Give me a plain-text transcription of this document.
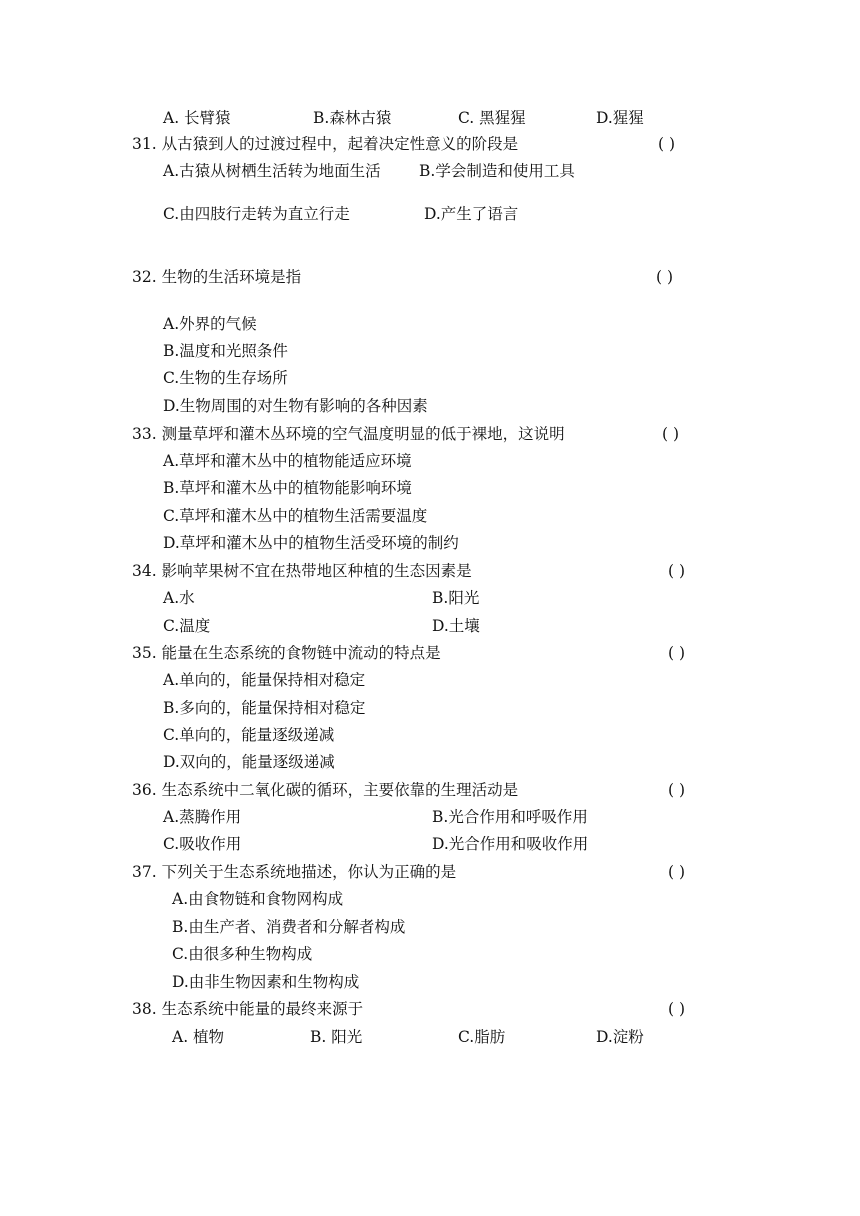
A. 长臂猿	B.森林古猿	C. 黑猩猩	D.猩猩
31. 从古猿到人的过渡过程中，起着决定性意义的阶段是	( )
A.古猿从树栖生活转为地面生活 B.学会制造和使用工具
C.由四肢行走转为直立行走	D.产生了语言
32. 生物的生活环境是指	( )
A.外界的气候
B.温度和光照条件
C.生物的生存场所
D.生物周围的对生物有影响的各种因素
33. 测量草坪和灌木丛环境的空气温度明显的低于裸地，这说明	( )
A.草坪和灌木丛中的植物能适应环境
B.草坪和灌木丛中的植物能影响环境
C.草坪和灌木丛中的植物生活需要温度
D.草坪和灌木丛中的植物生活受环境的制约
34. 影响苹果树不宜在热带地区种植的生态因素是	( )
A.水	B.阳光
C.温度	D.土壤
35. 能量在生态系统的食物链中流动的特点是	( )
A.单向的，能量保持相对稳定
B.多向的，能量保持相对稳定
C.单向的，能量逐级递减
D.双向的，能量逐级递减
36. 生态系统中二氧化碳的循环，主要依靠的生理活动是	( )
A.蒸腾作用	B.光合作用和呼吸作用
C.吸收作用	D.光合作用和吸收作用
37. 下列关于生态系统地描述，你认为正确的是	( )
A.由食物链和食物网构成
B.由生产者、消费者和分解者构成
C.由很多种生物构成
D.由非生物因素和生物构成
38. 生态系统中能量的最终来源于	( )
A. 植物	B. 阳光	C.脂肪	D.淀粉
